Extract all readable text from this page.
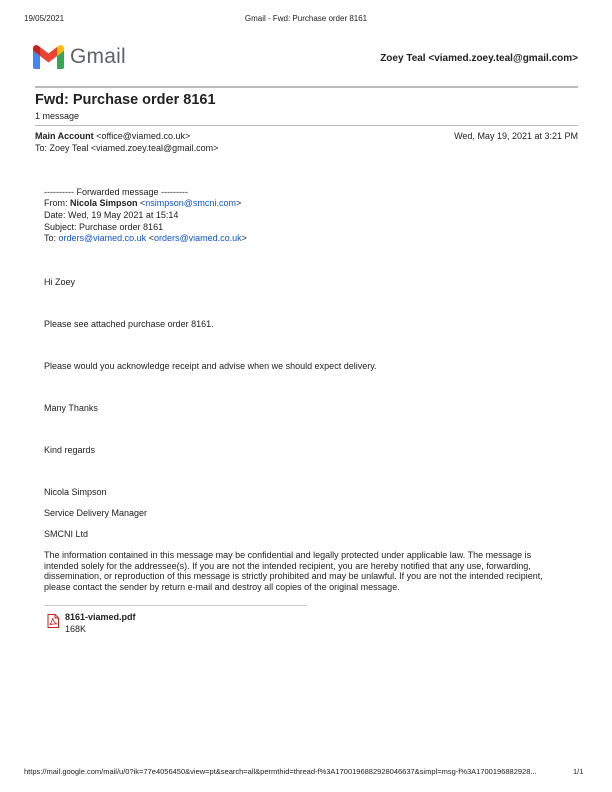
19/05/2021	Gmail - Fwd: Purchase order 8161
Gmail	Zoey Teal <viamed.zoey.teal@gmail.com>
Fwd: Purchase order 8161
1 message
Main Account <office@viamed.co.uk>	Wed, May 19, 2021 at 3:21 PM
To: Zoey Teal <viamed.zoey.teal@gmail.com>
---------- Forwarded message ---------
From: Nicola Simpson <nsimpson@smcni.com>
Date: Wed, 19 May 2021 at 15:14
Subject: Purchase order 8161
To: orders@viamed.co.uk <orders@viamed.co.uk>
Hi Zoey
Please see attached purchase order 8161.
Please would you acknowledge receipt and advise when we should expect delivery.
Many Thanks
Kind regards
Nicola Simpson
Service Delivery Manager
SMCNI Ltd
The information contained in this message may be confidential and legally protected under applicable law. The message is intended solely for the addressee(s). If you are not the intended recipient, you are hereby notified that any use, forwarding, dissemination, or reproduction of this message is strictly prohibited and may be unlawful. If you are not the intended recipient, please contact the sender by return e-mail and destroy all copies of the original message.
8161-viamed.pdf
168K
https://mail.google.com/mail/u/0?ik=77e4056450&view=pt&search=all&permthid=thread-f%3A1700196882928046637&simpl=msg-f%3A1700196882928...	1/1
